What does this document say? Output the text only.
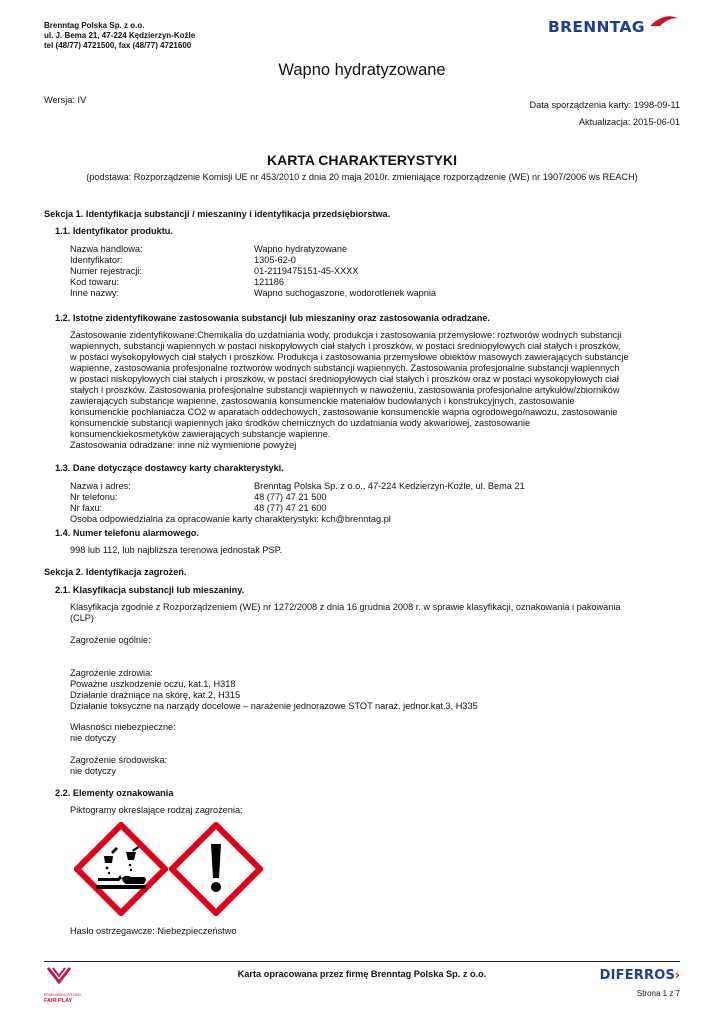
Brenntag Polska Sp. z o.o.
ul. J. Bema 21, 47-224 Kędzierzyn-Koźle
tel (48/77) 4721500, fax (48/77) 4721600
BRENNTAG
Wapno hydratyzowane
Wersja: IV	Data sporządzenia karty: 1998-09-11
Aktualizacja: 2015-06-01
KARTA CHARAKTERYSTYKI
(podstawa: Rozporządzenie Komisji UE nr 453/2010 z dnia 20 maja 2010r. zmieniające rozporządzenie (WE) nr 1907/2006 ws REACH)
Sekcja 1. Identyfikacja substancji / mieszaniny i identyfikacja przedsiębiorstwa.
1.1. Identyfikator produktu.
Nazwa handlowa:	Wapno hydratyzowane
Identyfikator:	1305-62-0
Numer rejestracji:	01-2119475151-45-XXXX
Kod towaru:	121186
Inne nazwy:	Wapno suchogaszone, wodorotlenek wapnia
1.2. Istotne zidentyfikowane zastosowania substancji lub mieszaniny oraz zastosowania odradzane.
Zastosowanie zidentyfikowane:Chemikalia do uzdatniania wody, produkcja i zastosowania przemysłowe: roztworów wodnych substancji
wapiennych, substancji wapiennych w postaci niskopyłowych ciał stałych i proszków, w postaci średniopyłowych ciał stałych i proszków,
w postaci wysokopyłowych ciał stałych i proszków. Produkcja i zastosowania przemysłowe obiektów masowych zawierających substancje
wapienne, zastosowania profesjonalne roztworów wodnych substancji wapiennych. Zastosowania profesjonalne substancji wapiennych
w postaci niskopyłowych ciał stałych i proszków, w postaci średniopyłowych ciał stałych i proszków oraz w postaci wysokopyłowych ciał
stałych i proszków. Zastosowania profesjonalne substancji wapiennych w nawożeniu, zastosowania profesjonalne artykułów/zbiorników
zawierających substancje wapienne, zastosowania konsumenckie materiałów budowlanych i konstrukcyjnych, zastosowanie
konsumenckie pochłaniacza CO2 w aparatach oddechowych, zastosowanie konsumenckie wapna ogrodowego/nawozu, zastosowanie
konsumenckie substancji wapiennych jako środków chemicznych do uzdatniania wody akwariowej, zastosowanie
konsumenckiekosmetyków zawierających substancje wapienne.
Zastosowania odradzane: inne niż wymienione powyżej
1.3. Dane dotyczące dostawcy karty charakterystyki.
Nazwa i adres:	Brenntag Polska Sp. z o.o., 47-224 Kedzierzyn-Koźle, ul. Bema 21
Nr telefonu:	48 (77) 47 21 500
Nr faxu:	48 (77) 47 21 600
Osoba odpowiedzialna za opracowanie karty charakterystyki: kch@brenntag.pl
1.4. Numer telefonu alarmowego.
998 lub 112, lub najbliższa terenowa jednostak PSP.
Sekcja 2. Identyfikacja zagrożeń.
2.1. Klasyfikacja substancji lub mieszaniny.
Klasyfikacja zgodnie z Rozporządzeniem (WE) nr 1272/2008 z dnia 16 grudnia 2008 r. w sprawie klasyfikacji, oznakowania i pakowania
(CLP)
Zagrożenie ogólnie:
Zagrożenie zdrowia:
Poważne uszkodzenie oczu, kat.1, H318
Działanie drażniące na skórę, kat.2, H315
Działanie toksyczne na narządy docelowe – narażenie jednorazowe STOT naraż. jednor.kat.3, H335
Własności niebezpieczne:
nie dotyczy
Zagrożenie środowiska:
nie dotyczy
2.2. Elementy oznakowania
Piktogramy określające rodzaj zagrożenia:
Hasło ostrzegawcze: Niebezpieczeństwo
PRZEDSIĘBIORSTWO
FAIR PLAY
Karta opracowana przez firmę Brenntag Polska Sp. z o.o.	DIFERROS›
Strona 1 z 7
